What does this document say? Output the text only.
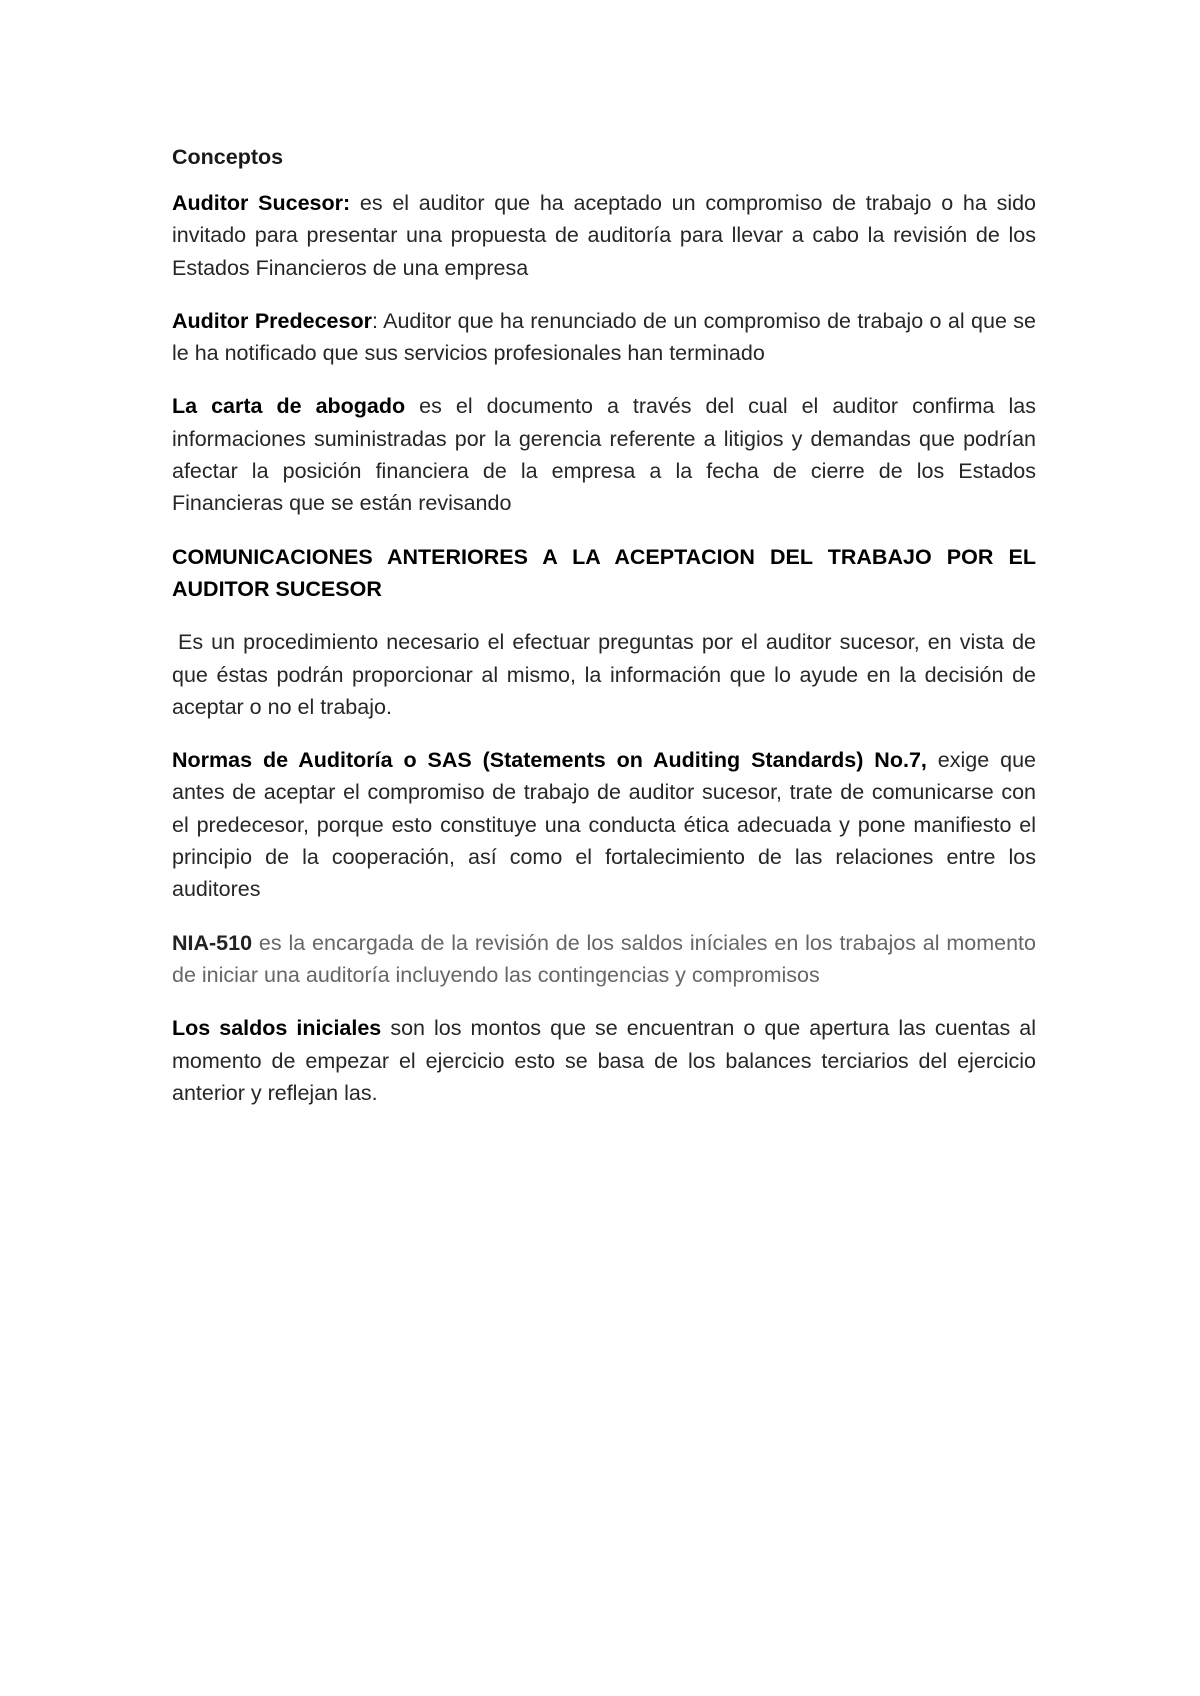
Conceptos

Auditor Sucesor: es el auditor que ha aceptado un compromiso de trabajo o ha sido invitado para presentar una propuesta de auditoría para llevar a cabo la revisión de los Estados Financieros de una empresa

Auditor Predecesor: Auditor que ha renunciado de un compromiso de trabajo o al que se le ha notificado que sus servicios profesionales han terminado

La carta de abogado es el documento a través del cual el auditor confirma las informaciones suministradas por la gerencia referente a litigios y demandas que podrían afectar la posición financiera de la empresa a la fecha de cierre de los Estados Financieras que se están revisando

COMUNICACIONES ANTERIORES A LA ACEPTACION DEL TRABAJO POR EL AUDITOR SUCESOR

Es un procedimiento necesario el efectuar preguntas por el auditor sucesor, en vista de que éstas podrán proporcionar al mismo, la información que lo ayude en la decisión de aceptar o no el trabajo.

Normas de Auditoría o SAS (Statements on Auditing Standards) No.7, exige que antes de aceptar el compromiso de trabajo de auditor sucesor, trate de comunicarse con el predecesor, porque esto constituye una conducta ética adecuada y pone manifiesto el principio de la cooperación, así como el fortalecimiento de las relaciones entre los auditores

NIA-510 es la encargada de la revisión de los saldos iníciales en los trabajos al momento de iniciar una auditoría incluyendo las contingencias y compromisos

Los saldos iniciales son los montos que se encuentran o que apertura las cuentas al momento de empezar el ejercicio esto se basa de los balances terciarios del ejercicio anterior y reflejan las.
